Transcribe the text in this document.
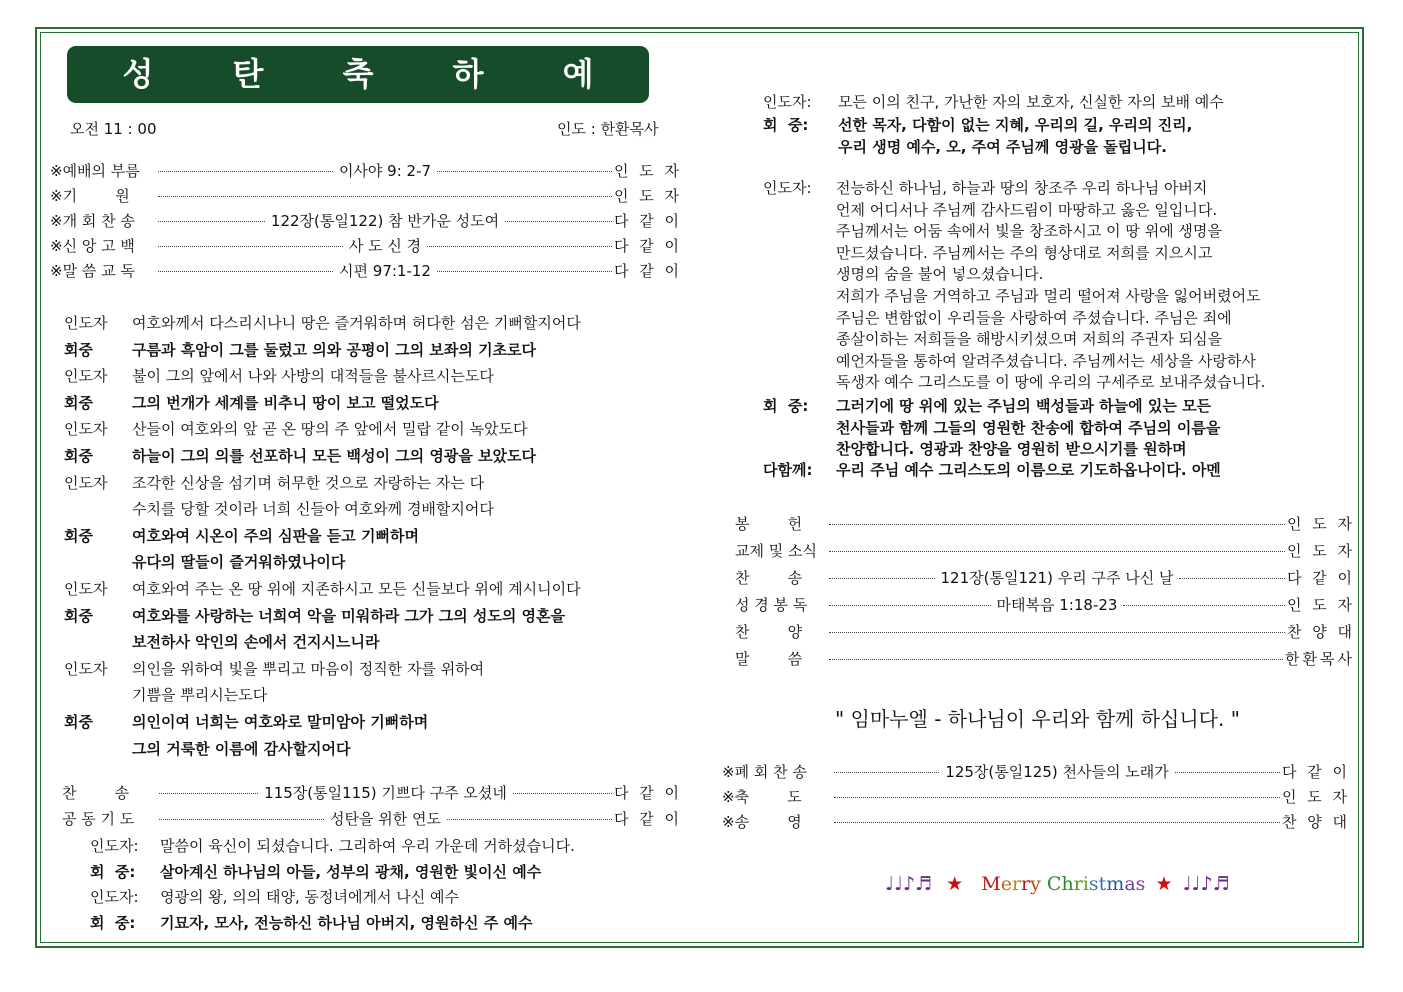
성 탄 축 하 예 배
오전 11 : 00	인도 : 한환목사
※예배의 부름	이사야 9: 2-7	인 도 자
※기        원	인 도 자
※개 회 찬 송	122장(통일122) 참 반가운 성도여	다 같 이
※신 앙 고 백	사 도 신 경	다 같 이
※말 씀 교 독	시편 97:1-12	다 같 이
인도자 여호와께서 다스리시나니 땅은 즐거워하며 허다한 섬은 기뻐할지어다
회중	구름과 흑암이 그를 둘렀고 의와 공평이 그의 보좌의 기초로다
인도자 불이 그의 앞에서 나와 사방의 대적들을 불사르시는도다
회중	그의 번개가 세계를 비추니 땅이 보고 떨었도다
인도자 산들이 여호와의 앞 곧 온 땅의 주 앞에서 밀랍 같이 녹았도다
회중	하늘이 그의 의를 선포하니 모든 백성이 그의 영광을 보았도다
인도자 조각한 신상을 섬기며 허무한 것으로 자랑하는 자는 다
수치를 당할 것이라 너희 신들아 여호와께 경배할지어다
회중	여호와여 시온이 주의 심판을 듣고 기뻐하며
유다의 딸들이 즐거워하였나이다
인도자 여호와여 주는 온 땅 위에 지존하시고 모든 신들보다 위에 계시니이다
회중	여호와를 사랑하는 너희여 악을 미워하라 그가 그의 성도의 영혼을
보전하사 악인의 손에서 건지시느니라
인도자 의인을 위하여 빛을 뿌리고 마음이 정직한 자를 위하여
기쁨을 뿌리시는도다
회중	의인이여 너희는 여호와로 말미암아 기뻐하며
그의 거룩한 이름에 감사할지어다
찬        송	115장(통일115) 기쁘다 구주 오셨네	다 같 이
공 동 기 도	성탄을 위한 연도	다 같 이
인도자: 말씀이 육신이 되셨습니다. 그리하여 우리 가운데 거하셨습니다.
회  중: 살아계신 하나님의 아들, 성부의 광채, 영원한 빛이신 예수
인도자: 영광의 왕, 의의 태양, 동정녀에게서 나신 예수
회  중: 기묘자, 모사, 전능하신 하나님 아버지, 영원하신 주 예수
인도자: 모든 이의 친구, 가난한 자의 보호자, 신실한 자의 보배 예수
회  중: 선한 목자, 다함이 없는 지혜, 우리의 길, 우리의 진리,
우리 생명 예수, 오, 주여 주님께 영광을 돌립니다.
인도자: 전능하신 하나님, 하늘과 땅의 창조주 우리 하나님 아버지
언제 어디서나 주님께 감사드림이 마땅하고 옳은 일입니다.
주님께서는 어둠 속에서 빛을 창조하시고 이 땅 위에 생명을
만드셨습니다. 주님께서는 주의 형상대로 저희를 지으시고
생명의 숨을 불어 넣으셨습니다.
저희가 주님을 거역하고 주님과 멀리 떨어져 사랑을 잃어버렸어도
주님은 변함없이 우리들을 사랑하여 주셨습니다. 주님은 죄에
종살이하는 저희들을 해방시키셨으며 저희의 주권자 되심을
예언자들을 통하여 알려주셨습니다. 주님께서는 세상을 사랑하사
독생자 예수 그리스도를 이 땅에 우리의 구세주로 보내주셨습니다.
회  중: 그러기에 땅 위에 있는 주님의 백성들과 하늘에 있는 모든
천사들과 함께 그들의 영원한 찬송에 합하여 주님의 이름을
찬양합니다. 영광과 찬양을 영원히 받으시기를 원하며
다함께: 우리 주님 예수 그리스도의 이름으로 기도하옵나이다. 아멘
봉        헌	인 도 자
교제 및 소식	인 도 자
찬        송	121장(통일121) 우리 구주 나신 날	다 같 이
성 경 봉 독	마태복음 1:18-23	인 도 자
찬        양	찬 양 대
말        씀	한환목사
" 임마누엘 - 하나님이 우리와 함께 하십니다. "
※폐 회 찬 송	125장(통일125) 천사들의 노래가	다 같 이
※축        도	인 도 자
※송        영	찬 양 대
♩♩♪♬ ★ Merry Christmas ★ ♩♩♪♬
